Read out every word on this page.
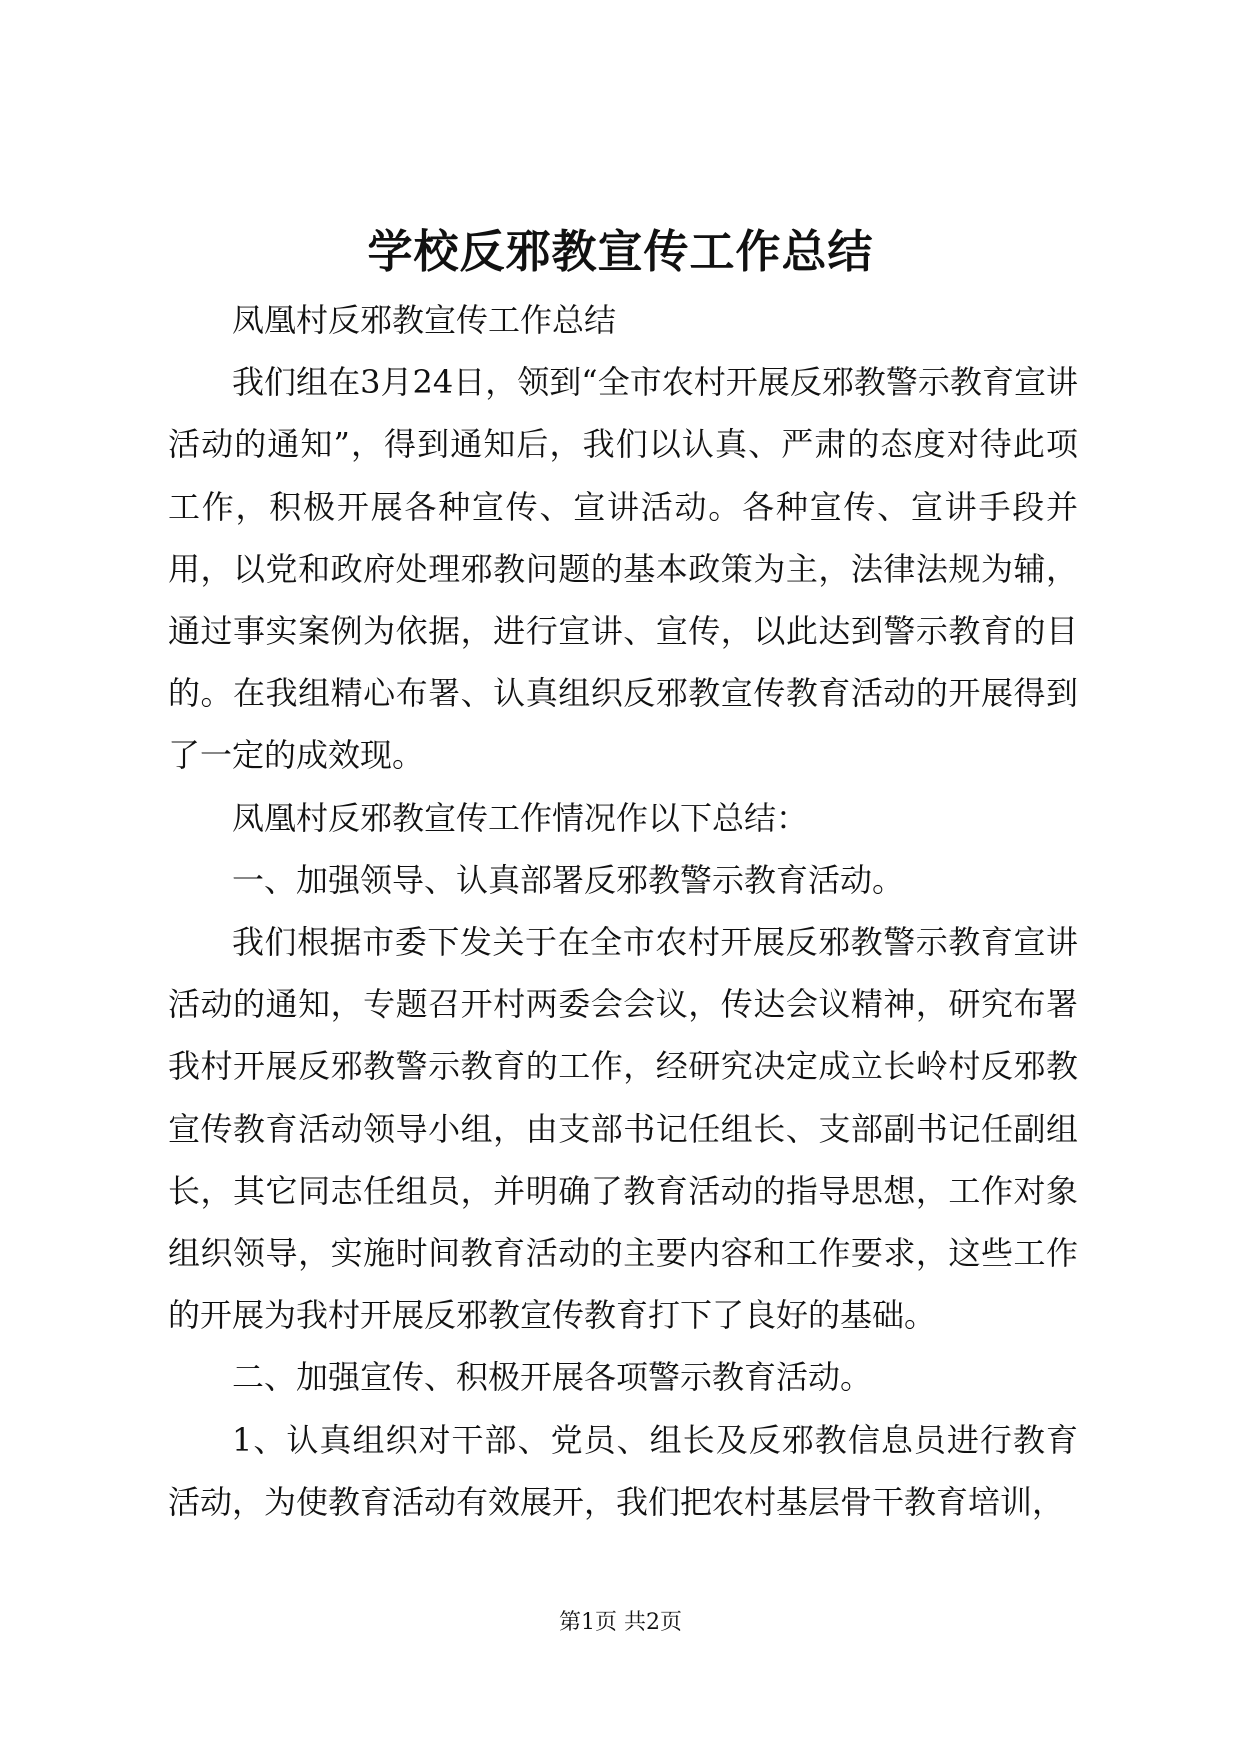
学校反邪教宣传工作总结

凤凰村反邪教宣传工作总结

我们组在3月24日，领到“全市农村开展反邪教警示教育宣讲活动的通知”，得到通知后，我们以认真、严肃的态度对待此项工作，积极开展各种宣传、宣讲活动。各种宣传、宣讲手段并用，以党和政府处理邪教问题的基本政策为主，法律法规为辅，通过事实案例为依据，进行宣讲、宣传，以此达到警示教育的目的。在我组精心布署、认真组织反邪教宣传教育活动的开展得到了一定的成效现。

凤凰村反邪教宣传工作情况作以下总结：

一、加强领导、认真部署反邪教警示教育活动。

我们根据市委下发关于在全市农村开展反邪教警示教育宣讲活动的通知，专题召开村两委会会议，传达会议精神，研究布署我村开展反邪教警示教育的工作，经研究决定成立长岭村反邪教宣传教育活动领导小组，由支部书记任组长、支部副书记任副组长，其它同志任组员，并明确了教育活动的指导思想，工作对象组织领导，实施时间教育活动的主要内容和工作要求，这些工作的开展为我村开展反邪教宣传教育打下了良好的基础。

二、加强宣传、积极开展各项警示教育活动。

1、认真组织对干部、党员、组长及反邪教信息员进行教育活动，为使教育活动有效展开，我们把农村基层骨干教育培训，

第1页 共2页
